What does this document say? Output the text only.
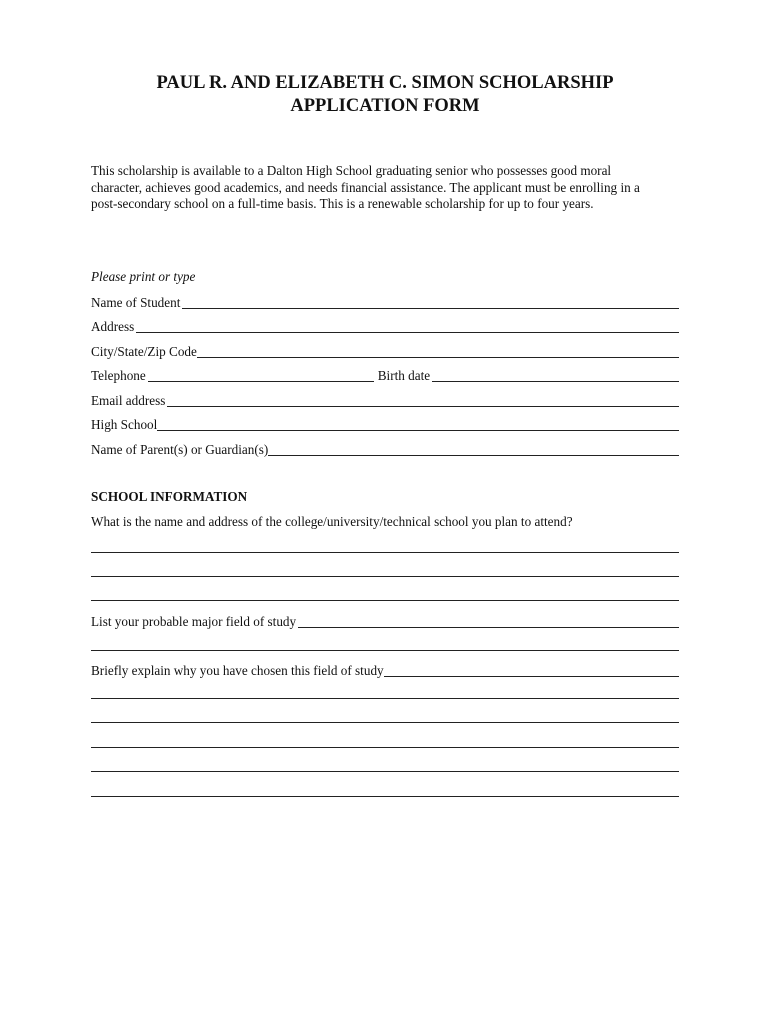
PAUL R. AND ELIZABETH C. SIMON SCHOLARSHIP
APPLICATION FORM
This scholarship is available to a Dalton High School graduating senior who possesses good moral
character, achieves good academics, and needs financial assistance. The applicant must be enrolling in a
post-secondary school on a full-time basis. This is a renewable scholarship for up to four years.
Please print or type
Name of Student
Address
City/State/Zip Code
Telephone	Birth date
Email address
High School
Name of Parent(s) or Guardian(s)
SCHOOL INFORMATION
What is the name and address of the college/university/technical school you plan to attend?
List your probable major field of study
Briefly explain why you have chosen this field of study
